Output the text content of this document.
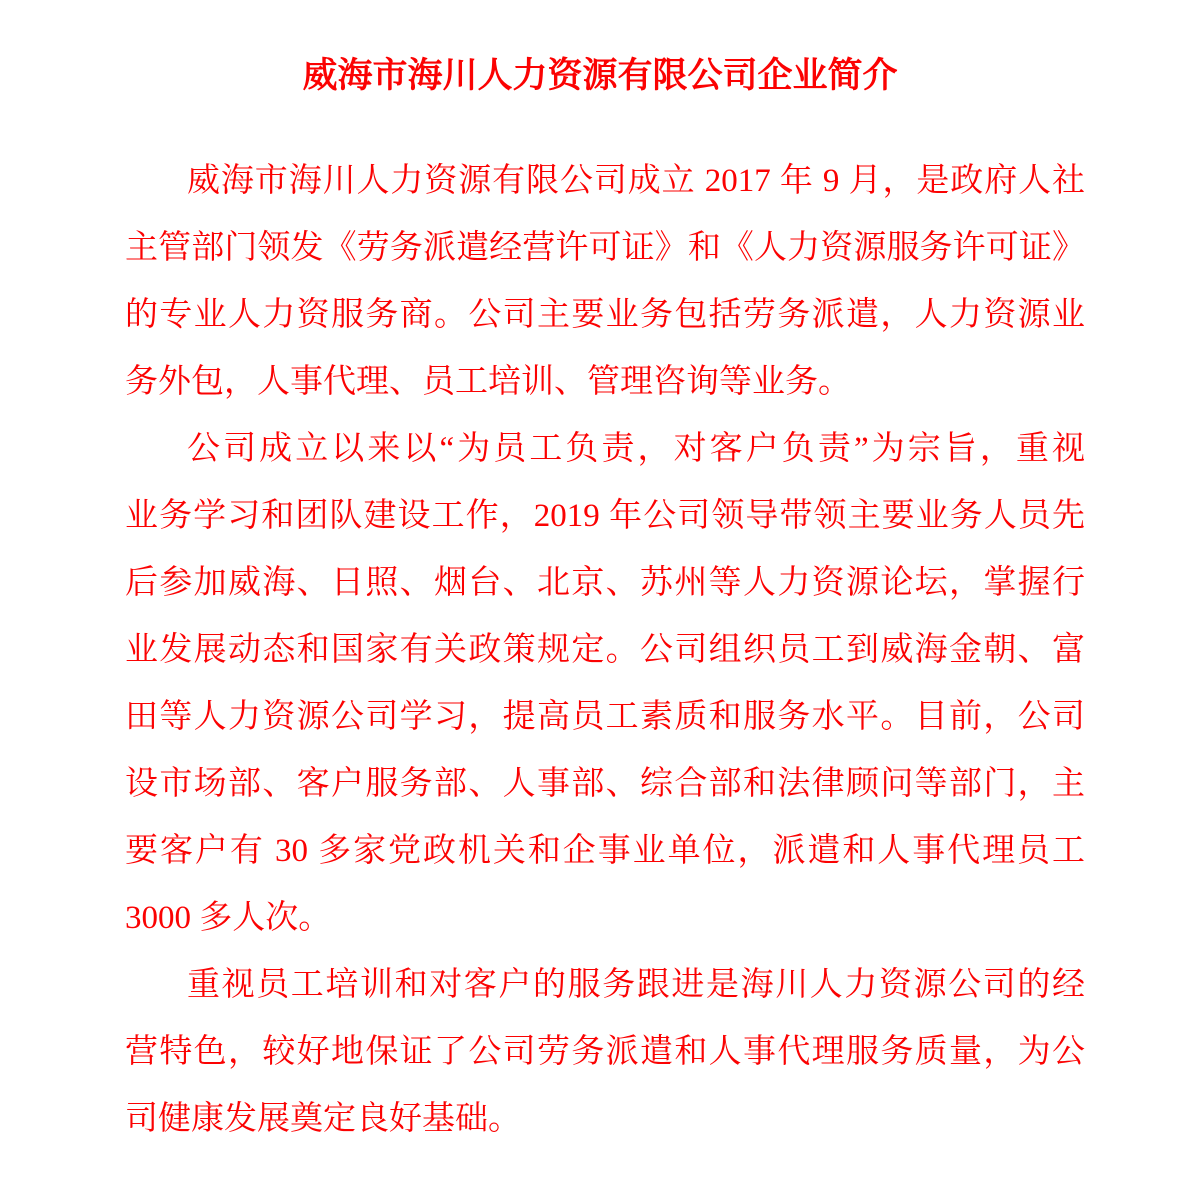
威海市海川人力资源有限公司企业简介
威海市海川人力资源有限公司成立 2017 年 9 月，是政府人社
主管部门领发《劳务派遣经营许可证》和《人力资源服务许可证》
的专业人力资服务商。公司主要业务包括劳务派遣，人力资源业
务外包，人事代理、员工培训、管理咨询等业务。
公司成立以来以“为员工负责，对客户负责”为宗旨，重视
业务学习和团队建设工作，2019 年公司领导带领主要业务人员先
后参加威海、日照、烟台、北京、苏州等人力资源论坛，掌握行
业发展动态和国家有关政策规定。公司组织员工到威海金朝、富
田等人力资源公司学习，提高员工素质和服务水平。目前，公司
设市场部、客户服务部、人事部、综合部和法律顾问等部门，主
要客户有 30 多家党政机关和企事业单位，派遣和人事代理员工
3000 多人次。
重视员工培训和对客户的服务跟进是海川人力资源公司的经
营特色，较好地保证了公司劳务派遣和人事代理服务质量，为公
司健康发展奠定良好基础。
